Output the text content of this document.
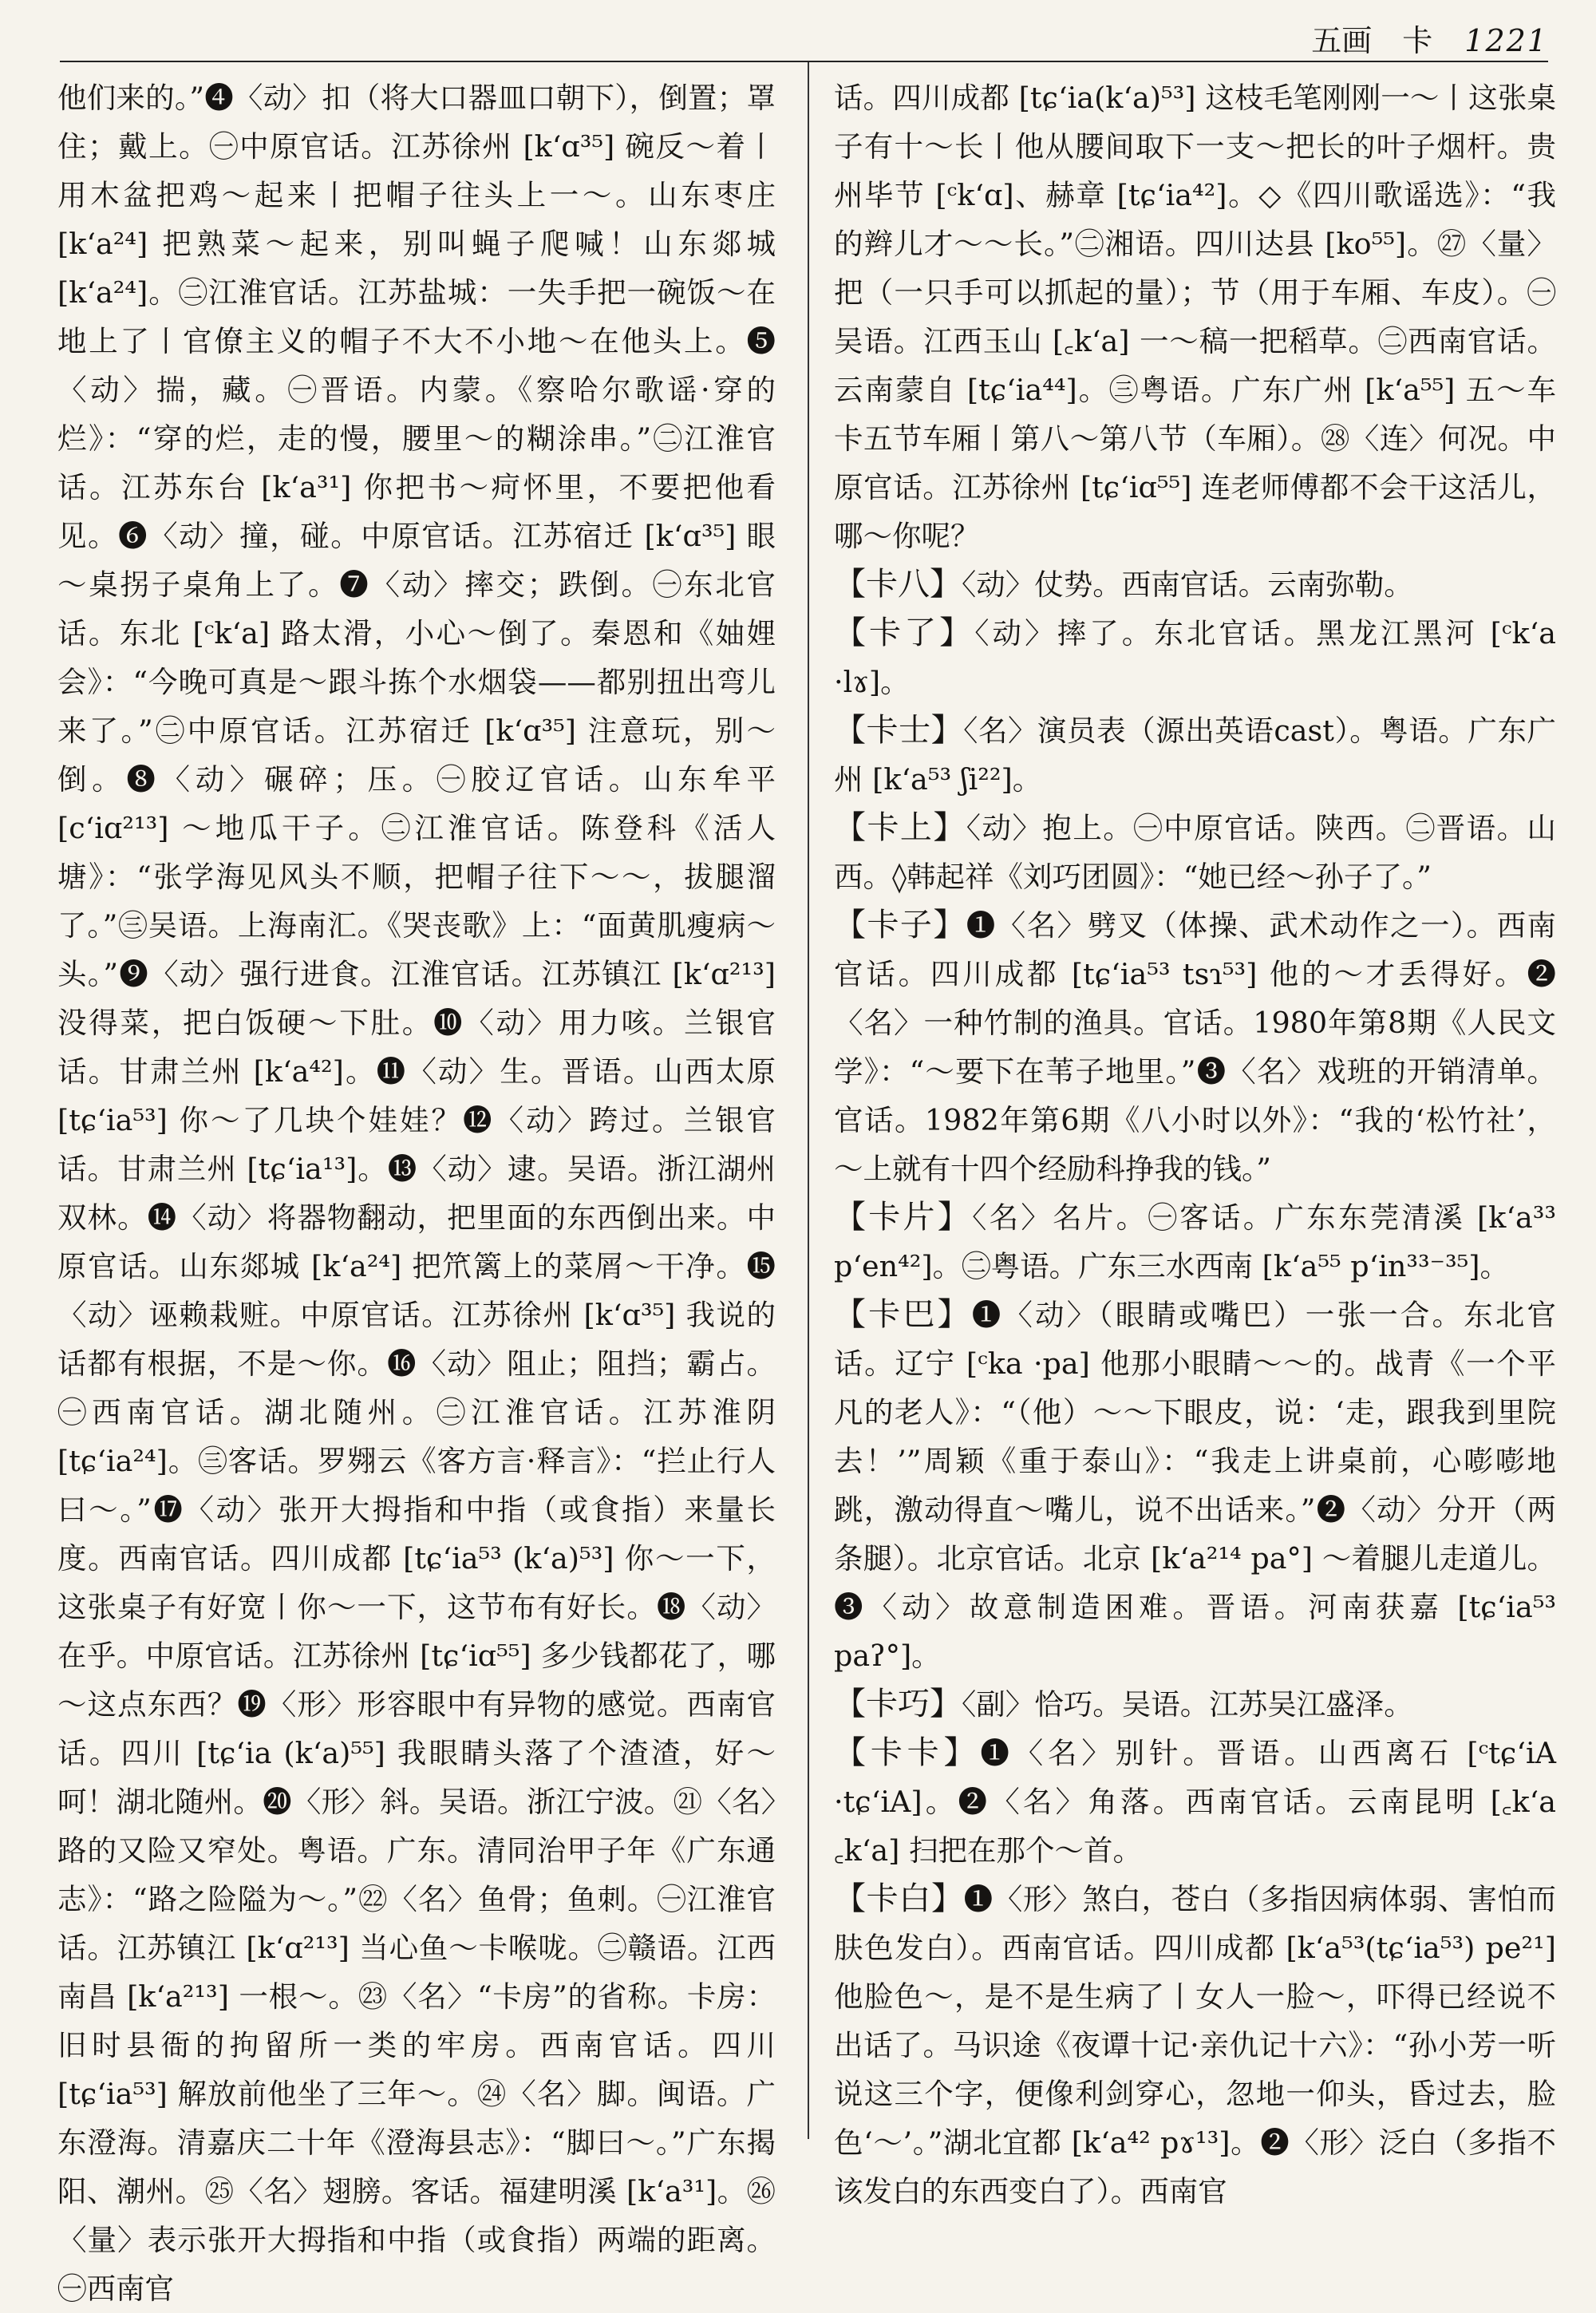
五画　卡 1221

他们来的。”❹〈动〉扣（将大口器皿口朝下），倒置；罩住；戴上。㊀中原官话。江苏徐州 [kʻɑ³⁵] 碗反～着丨用木盆把鸡～起来丨把帽子往头上一～。山东枣庄 [kʻa²⁴] 把熟菜～起来，别叫蝇子爬喊！山东郯城 [kʻa²⁴]。㊁江淮官话。江苏盐城：一失手把一碗饭～在地上了丨官僚主义的帽子不大不小地～在他头上。❺〈动〉揣，藏。㊀晋语。内蒙。《察哈尔歌谣·穿的烂》：“穿的烂，走的慢，腰里～的糊涂串。”㊁江淮官话。江苏东台 [kʻa³¹] 你把书～疴怀里，不要把他看见。❻〈动〉撞，碰。中原官话。江苏宿迁 [kʻɑ³⁵] 眼～桌拐子桌角上了。❼〈动〉摔交；跌倒。㊀东北官话。东北 [ᶜkʻa] 路太滑，小心～倒了。秦恩和《妯娌会》：“今晚可真是～跟斗拣个水烟袋——都别扭出弯儿来了。”㊁中原官话。江苏宿迁 [kʻɑ³⁵] 注意玩，别～倒。❽〈动〉碾碎；压。㊀胶辽官话。山东牟平 [cʻiɑ²¹³] ～地瓜干子。㊁江淮官话。陈登科《活人塘》：“张学海见风头不顺，把帽子往下～～，拔腿溜了。”㊂吴语。上海南汇。《哭丧歌》上：“面黄肌瘦病～头。”❾〈动〉强行进食。江淮官话。江苏镇江 [kʻɑ²¹³] 没得菜，把白饭硬～下肚。❿〈动〉用力咳。兰银官话。甘肃兰州 [kʻa⁴²]。⓫〈动〉生。晋语。山西太原 [tɕʻia⁵³] 你～了几块个娃娃？⓬〈动〉跨过。兰银官话。甘肃兰州 [tɕʻia¹³]。⓭〈动〉逮。吴语。浙江湖州双林。⓮〈动〉将器物翻动，把里面的东西倒出来。中原官话。山东郯城 [kʻa²⁴] 把笊篱上的菜屑～干净。⓯〈动〉诬赖栽赃。中原官话。江苏徐州 [kʻɑ³⁵] 我说的话都有根据，不是～你。⓰〈动〉阻止；阻挡；霸占。㊀西南官话。湖北随州。㊁江淮官话。江苏淮阴 [tɕʻia²⁴]。㊂客话。罗翙云《客方言·释言》：“拦止行人曰～。”⓱〈动〉张开大拇指和中指（或食指）来量长度。西南官话。四川成都 [tɕʻia⁵³ (kʻa)⁵³] 你～一下，这张桌子有好宽丨你～一下，这节布有好长。⓲〈动〉在乎。中原官话。江苏徐州 [tɕʻiɑ⁵⁵] 多少钱都花了，哪～这点东西？⓳〈形〉形容眼中有异物的感觉。西南官话。四川 [tɕʻia (kʻa)⁵⁵] 我眼睛头落了个渣渣，好～呵！湖北随州。⓴〈形〉斜。吴语。浙江宁波。㉑〈名〉路的又险又窄处。粤语。广东。清同治甲子年《广东通志》：“路之险隘为～。”㉒〈名〉鱼骨；鱼刺。㊀江淮官话。江苏镇江 [kʻɑ²¹³] 当心鱼～卡喉咙。㊁赣语。江西南昌 [kʻa²¹³] 一根～。㉓〈名〉“卡房”的省称。卡房：旧时县衙的拘留所一类的牢房。西南官话。四川 [tɕʻia⁵³] 解放前他坐了三年～。㉔〈名〉脚。闽语。广东澄海。清嘉庆二十年《澄海县志》：“脚曰～。”广东揭阳、潮州。㉕〈名〉翅膀。客话。福建明溪 [kʻa³¹]。㉖〈量〉表示张开大拇指和中指（或食指）两端的距离。㊀西南官

话。四川成都 [tɕʻia(kʻa)⁵³] 这枝毛笔刚刚一～丨这张桌子有十～长丨他从腰间取下一支～把长的叶子烟杆。贵州毕节 [ᶜkʻɑ]、赫章 [tɕʻia⁴²]。◇《四川歌谣选》：“我的辫儿才～～长。”㊁湘语。四川达县 [ko⁵⁵]。㉗〈量〉把（一只手可以抓起的量）；节（用于车厢、车皮）。㊀吴语。江西玉山 [꜀kʻa] 一～稿一把稻草。㊁西南官话。云南蒙自 [tɕʻia⁴⁴]。㊂粤语。广东广州 [kʻa⁵⁵] 五～车卡五节车厢丨第八～第八节（车厢）。㉘〈连〉何况。中原官话。江苏徐州 [tɕʻiɑ⁵⁵] 连老师傅都不会干这活儿，哪～你呢？

【卡八】〈动〉仗势。西南官话。云南弥勒。

【卡了】〈动〉摔了。东北官话。黑龙江黑河 [ᶜkʻa ·lɤ]。

【卡士】〈名〉演员表（源出英语cast）。粤语。广东广州 [kʻa⁵³ ʃi²²]。

【卡上】〈动〉抱上。㊀中原官话。陕西。㊁晋语。山西。◊韩起祥《刘巧团圆》：“她已经～孙子了。”

【卡子】❶〈名〉劈叉（体操、武术动作之一）。西南官话。四川成都 [tɕʻia⁵³ tsɿ⁵³] 他的～才丢得好。❷〈名〉一种竹制的渔具。官话。1980年第8期《人民文学》：“～要下在苇子地里。”❸〈名〉戏班的开销清单。官话。1982年第6期《八小时以外》：“我的‘松竹社’，～上就有十四个经励科挣我的钱。”

【卡片】〈名〉名片。㊀客话。广东东莞清溪 [kʻa³³ pʻen⁴²]。㊁粤语。广东三水西南 [kʻa⁵⁵ pʻin³³⁻³⁵]。

【卡巴】❶〈动〉（眼睛或嘴巴）一张一合。东北官话。辽宁 [ᶜka ·pa] 他那小眼睛～～的。战青《一个平凡的老人》：“（他）～～下眼皮，说：‘走，跟我到里院去！’”周颖《重于泰山》：“我走上讲桌前，心嘭嘭地跳，激动得直～嘴儿，说不出话来。”❷〈动〉分开（两条腿）。北京官话。北京 [kʻa²¹⁴ pa°] ～着腿儿走道儿。❸〈动〉故意制造困难。晋语。河南获嘉 [tɕʻia⁵³ paʔ°]。

【卡巧】〈副〉恰巧。吴语。江苏吴江盛泽。

【卡卡】❶〈名〉别针。晋语。山西离石 [ᶜtɕʻiA ·tɕʻiA]。❷〈名〉角落。西南官话。云南昆明 [꜀kʻa ꜀kʻa] 扫把在那个～首。

【卡白】❶〈形〉煞白，苍白（多指因病体弱、害怕而肤色发白）。西南官话。四川成都 [kʻa⁵³(tɕʻia⁵³) pe²¹] 他脸色～，是不是生病了丨女人一脸～，吓得已经说不出话了。马识途《夜谭十记·亲仇记十六》：“孙小芳一听说这三个字，便像利剑穿心，忽地一仰头，昏过去，脸色‘～’。”湖北宜都 [kʻa⁴² pɤ¹³]。❷〈形〉泛白（多指不该发白的东西变白了）。西南官
